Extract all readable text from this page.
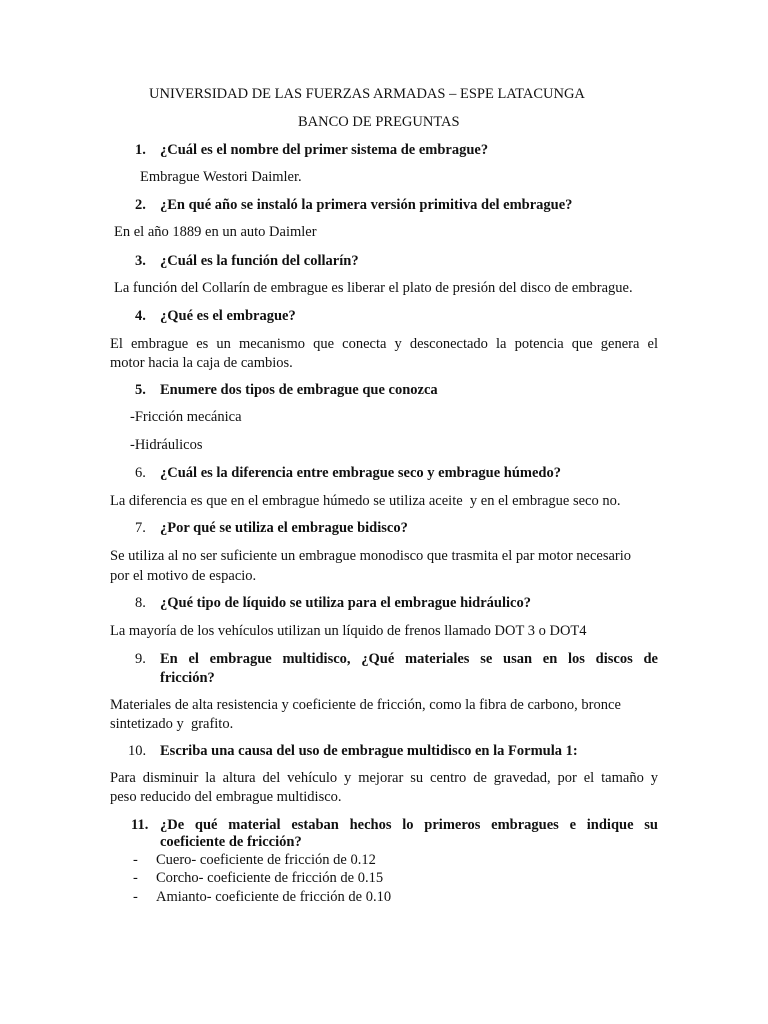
UNIVERSIDAD DE LAS FUERZAS ARMADAS – ESPE LATACUNGA
BANCO DE PREGUNTAS
1. ¿Cuál es el nombre del primer sistema de embrague?
Embrague Westori Daimler.
2. ¿En qué año se instaló la primera versión primitiva del embrague?
En el año 1889 en un auto Daimler
3. ¿Cuál es la función del collarín?
La función del Collarín de embrague es liberar el plato de presión del disco de embrague.
4. ¿Qué es el embrague?
El embrague es un mecanismo que conecta y desconectado la potencia que genera el
motor hacia la caja de cambios.
5. Enumere dos tipos de embrague que conozca
-Fricción mecánica
-Hidráulicos
6. ¿Cuál es la diferencia entre embrague seco y embrague húmedo?
La diferencia es que en el embrague húmedo se utiliza aceite  y en el embrague seco no.
7. ¿Por qué se utiliza el embrague bidisco?
Se utiliza al no ser suficiente un embrague monodisco que trasmita el par motor necesario
por el motivo de espacio.
8. ¿Qué tipo de líquido se utiliza para el embrague hidráulico?
La mayoría de los vehículos utilizan un líquido de frenos llamado DOT 3 o DOT4
9. En el embrague multidisco, ¿Qué materiales se usan en los discos de
fricción?
Materiales de alta resistencia y coeficiente de fricción, como la fibra de carbono, bronce
sintetizado y  grafito.
10. Escriba una causa del uso de embrague multidisco en la Formula 1:
Para disminuir la altura del vehículo y mejorar su centro de gravedad, por el tamaño y
peso reducido del embrague multidisco.
11. ¿De qué material estaban hechos lo primeros embragues e indique su
coeficiente de fricción?
- Cuero- coeficiente de fricción de 0.12
- Corcho- coeficiente de fricción de 0.15
- Amianto- coeficiente de fricción de 0.10
